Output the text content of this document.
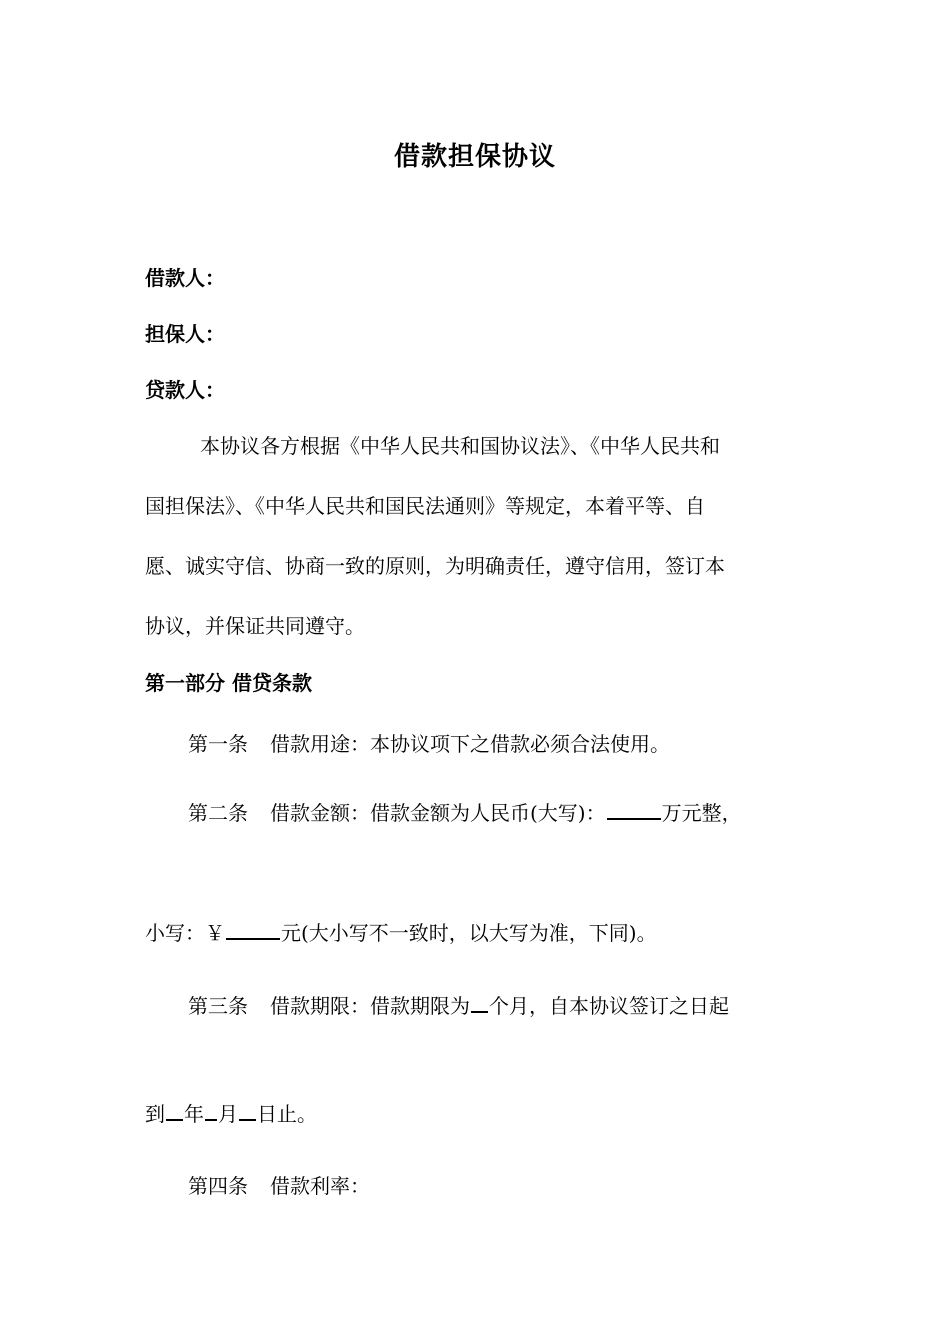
借款担保协议
借款人：
担保人：
贷款人：
本协议各方根据《中华人民共和国协议法》、《中华人民共和
国担保法》、《中华人民共和国民法通则》等规定，本着平等、自
愿、诚实守信、协商一致的原则，为明确责任，遵守信用，签订本
协议，并保证共同遵守。
第一部分 借贷条款
第一条 借款用途：本协议项下之借款必须合法使用。
第二条 借款金额：借款金额为人民币(大写)：	万元整，
小写：￥	元(大小写不一致时，以大写为准，下同)。
第三条 借款期限：借款期限为 个月，自本协议签订之日起
到 年 月 日止。
第四条 借款利率：
